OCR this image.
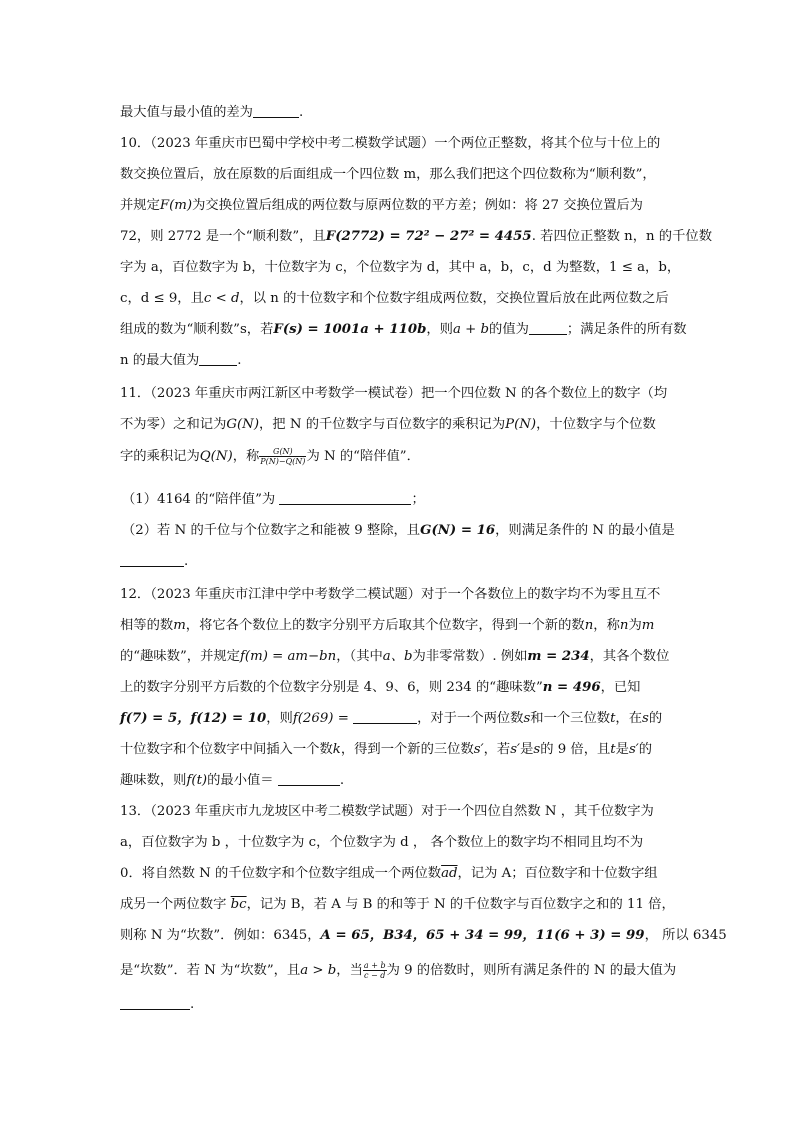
最大值与最小值的差为	.
10．（2023 年重庆市巴蜀中学校中考二模数学试题）一个两位正整数，将其个位与十位上的
数交换位置后，放在原数的后面组成一个四位数 m，那么我们把这个四位数称为“顺利数”，
并规定F(m)为交换位置后组成的两位数与原两位数的平方差；例如：将 27 交换位置后为
72，则 2772 是一个“顺利数”，且F(2772) = 72² − 27² = 4455. 若四位正整数 n，n 的千位数
字为 a，百位数字为 b，十位数字为 c，个位数字为 d，其中 a，b，c，d 为整数，1 ≤ a，b，
c，d ≤ 9，且c < d，以 n 的十位数字和个位数字组成两位数，交换位置后放在此两位数之后
组成的数为“顺利数”s，若F(s) = 1001a + 110b，则a + b的值为	；满足条件的所有数
n 的最大值为	.
11．（2023 年重庆市两江新区中考数学一模试卷）把一个四位数 N 的各个数位上的数字（均
不为零）之和记为G(N)，把 N 的千位数字与百位数字的乘积记为P(N)，十位数字与个位数
字的乘积记为Q(N)，称 $\frac{G(N)}{P(N)-Q(N)}$ 为 N 的“陪伴值”．
（1）4164 的“陪伴值”为	；
（2）若 N 的千位与个位数字之和能被 9 整除，且G(N) = 16，则满足条件的 N 的最小值是
.
12．（2023 年重庆市江津中学中考数学二模试题）对于一个各数位上的数字均不为零且互不
相等的数m，将它各个数位上的数字分别平方后取其个位数字，得到一个新的数n，称n为m
的“趣味数”，并规定f(m) = am−bn，（其中a、b为非零常数）. 例如m = 234，其各个数位
上的数字分别平方后数的个位数字分别是 4、9、6，则 234 的“趣味数”n = 496，已知
f(7) = 5，f(12) = 10，则f(269) =	，对于一个两位数s和一个三位数t，在s的
十位数字和个位数字中间插入一个数k，得到一个新的三位数s′，若s′是s的 9 倍，且t是s′的
趣味数，则f(t)的最小值＝	.
13．（2023 年重庆市九龙坡区中考二模数学试题）对于一个四位自然数 N ，其千位数字为
a，百位数字为 b ，十位数字为 c，个位数字为 d ， 各个数位上的数字均不相同且均不为
0．将自然数 N 的千位数字和个位数字组成一个两位数$\overline{ad}$，记为 A；百位数字和十位数字组
成另一个两位数字 $\overline{bc}$，记为 B，若 A 与 B 的和等于 N 的千位数字与百位数字之和的 11 倍，
则称 N 为“坎数”．例如：6345，A = 65，B34，65 + 34 = 99，11(6 + 3) = 99， 所以 6345
是“坎数”．若 N 为“坎数”，且a > b，当 $\frac{a + b}{c - d}$ 为 9 的倍数时，则所有满足条件的 N 的最大值为
.
